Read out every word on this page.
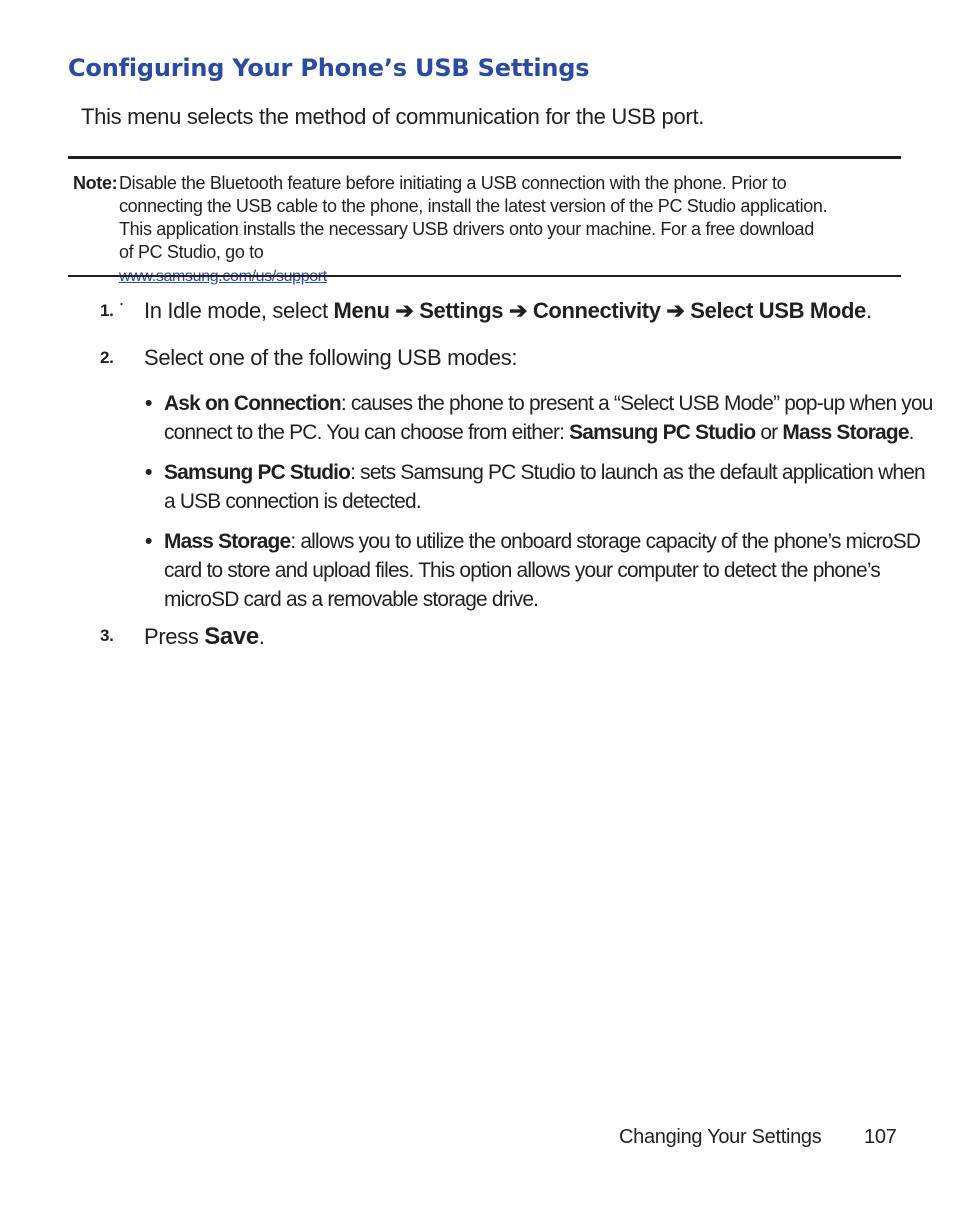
Configuring Your Phone’s USB Settings

This menu selects the method of communication for the USB port.

Note: Disable the Bluetooth feature before initiating a USB connection with the phone. Prior to
connecting the USB cable to the phone, install the latest version of the PC Studio application.
This application installs the necessary USB drivers onto your machine. For a free download
of PC Studio, go to
.
1. In Idle mode, select Menu ➔ Settings ➔ Connectivity ➔ Select USB Mode.
2. Select one of the following USB modes:
• Ask on Connection: causes the phone to present a “Select USB Mode” pop-up when you connect to the PC. You can choose from either: Samsung PC Studio or Mass Storage.
• Samsung PC Studio: sets Samsung PC Studio to launch as the default application when a USB connection is detected.
• Mass Storage: allows you to utilize the onboard storage capacity of the phone’s microSD card to store and upload files. This option allows your computer to detect the phone’s microSD card as a removable storage drive.
3. Press Save.
Changing Your Settings 107
